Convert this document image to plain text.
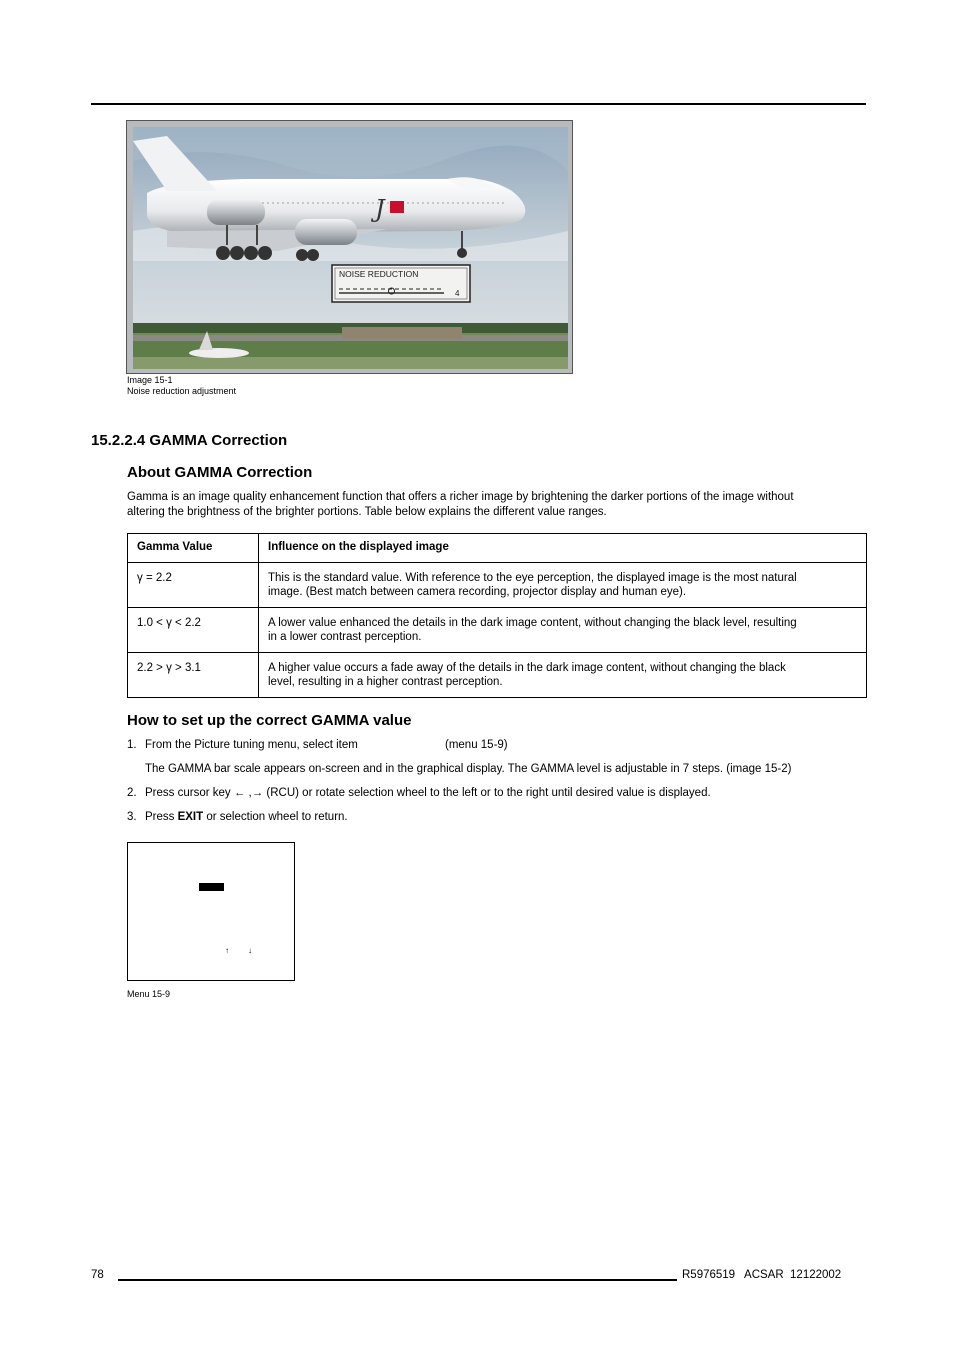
J
NOISE REDUCTION
4
Image 15-1
Noise reduction adjustment
15.2.2.4 GAMMA Correction
About GAMMA Correction
Gamma is an image quality enhancement function that offers a richer image by brightening the darker portions of the image without
altering the brightness of the brighter portions. Table below explains the different value ranges.
Gamma Value	Influence on the displayed image
γ = 2.2	This is the standard value. With reference to the eye perception, the displayed image is the most natural
image. (Best match between camera recording, projector display and human eye).

1.0 < γ < 2.2	A lower value enhanced the details in the dark image content, without changing the black level, resulting
in a lower contrast perception.

2.2 > γ > 3.1	A higher value occurs a fade away of the details in the dark image content, without changing the black
level, resulting in a higher contrast perception.
How to set up the correct GAMMA value
1. From the Picture tuning menu, select item	(menu 15-9)
The GAMMA bar scale appears on-screen and in the graphical display. The GAMMA level is adjustable in 7 steps. (image 15-2)
2. Press cursor key ← ,→ (RCU) or rotate selection wheel to the left or to the right until desired value is displayed.
3. Press EXIT or selection wheel to return.
↑ ↓
Menu 15-9
78	R5976519   ACSAR  12122002
